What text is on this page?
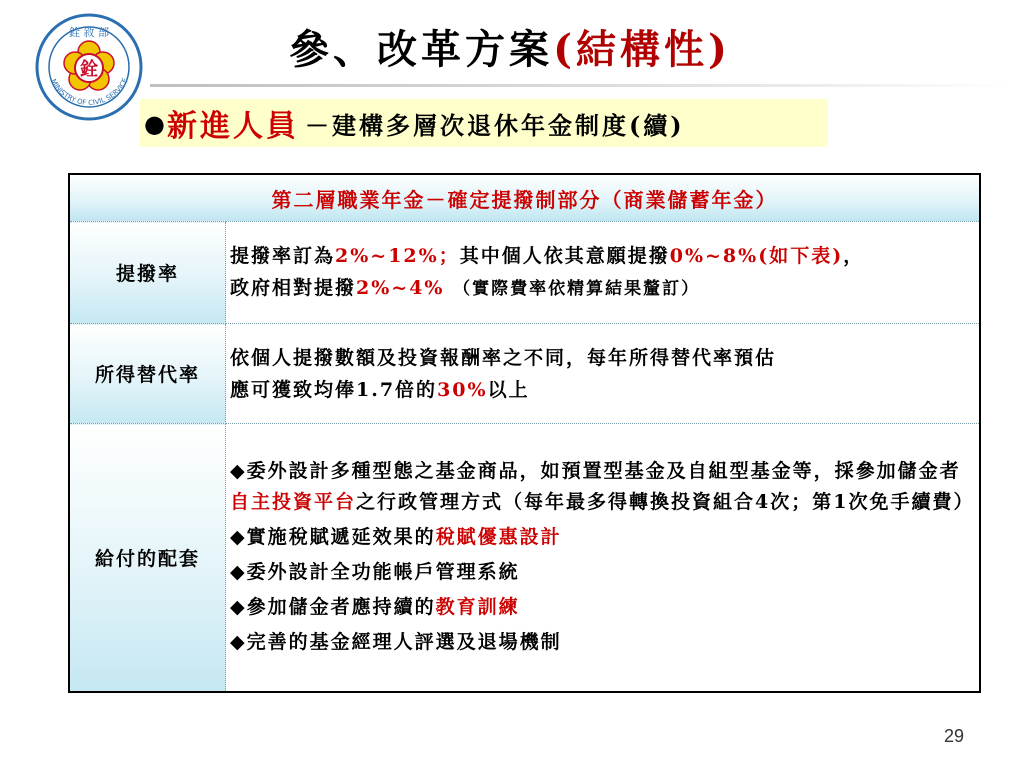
MINISTRY OF CIVIL SERVICE
銓 敘 部
銓	參、改革方案(結構性)
● 新進人員 －建構多層次退休年金制度(續)
第二層職業年金－確定提撥制部分（商業儲蓄年金）	
提撥率	提撥率訂為2%~12%；其中個人依其意願提撥0%~8%(如下表)，
政府相對提撥2%~4% （實際費率依精算結果釐訂）

所得替代率	依個人提撥數額及投資報酬率之不同，每年所得替代率預估
應可獲致均俸1.7倍的30%以上

給付的配套	◆委外設計多種型態之基金商品，如預置型基金及自組型基金等，採參加儲金者自主投資平台之行政管理方式（每年最多得轉換投資組合4次；第1次免手續費）
◆實施稅賦遞延效果的稅賦優惠設計
◆委外設計全功能帳戶管理系統
◆參加儲金者應持續的教育訓練
◆完善的基金經理人評選及退場機制
29
